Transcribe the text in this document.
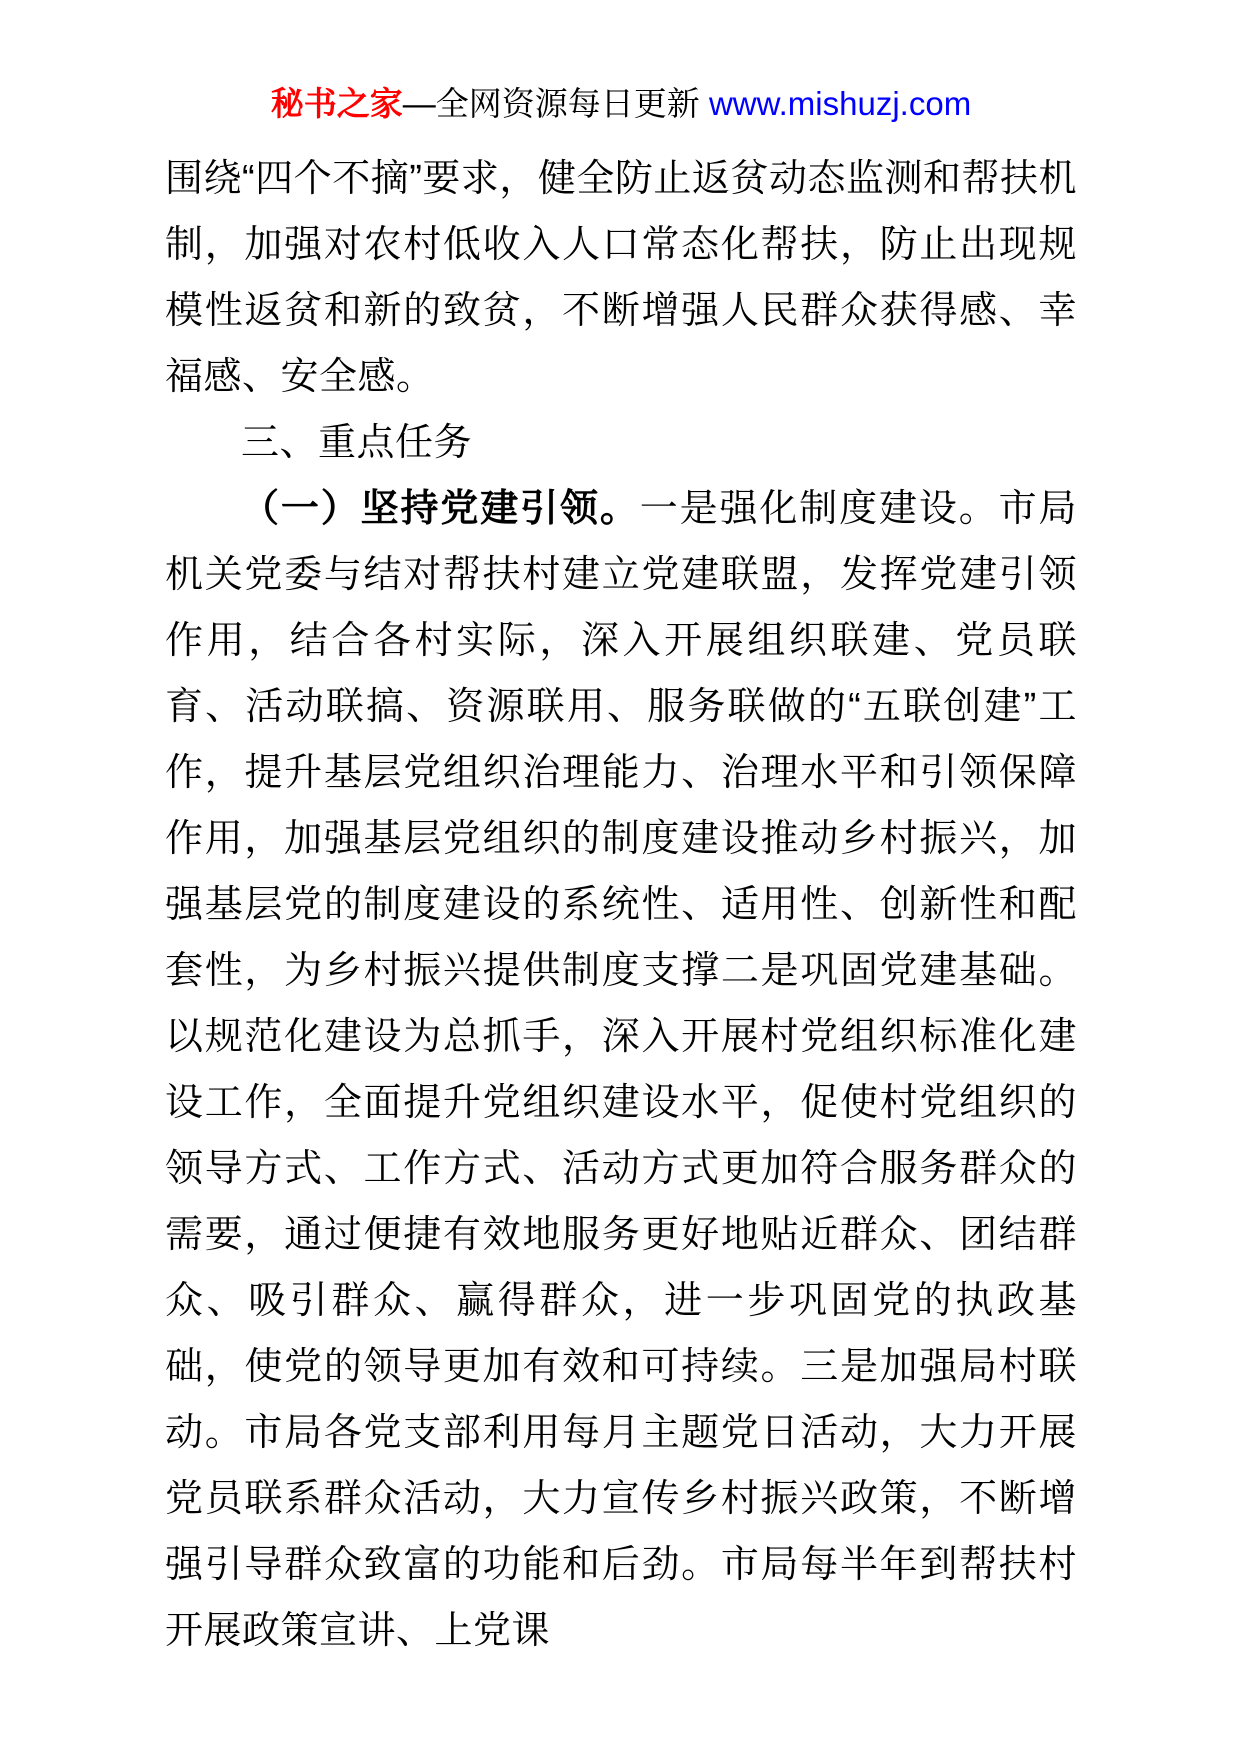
秘书之家—全网资源每日更新 www.mishuzj.com

围绕“四个不摘”要求，健全防止返贫动态监测和帮扶机制，加强对农村低收入人口常态化帮扶，防止出现规模性返贫和新的致贫，不断增强人民群众获得感、幸福感、安全感。

三、重点任务

（一）坚持党建引领。一是强化制度建设。市局机关党委与结对帮扶村建立党建联盟，发挥党建引领作用，结合各村实际，深入开展组织联建、党员联育、活动联搞、资源联用、服务联做的“五联创建”工作，提升基层党组织治理能力、治理水平和引领保障作用，加强基层党组织的制度建设推动乡村振兴，加强基层党的制度建设的系统性、适用性、创新性和配套性，为乡村振兴提供制度支撑二是巩固党建基础。以规范化建设为总抓手，深入开展村党组织标准化建设工作，全面提升党组织建设水平，促使村党组织的领导方式、工作方式、活动方式更加符合服务群众的需要，通过便捷有效地服务更好地贴近群众、团结群众、吸引群众、赢得群众，进一步巩固党的执政基础，使党的领导更加有效和可持续。三是加强局村联动。市局各党支部利用每月主题党日活动，大力开展党员联系群众活动，大力宣传乡村振兴政策，不断增强引导群众致富的功能和后劲。市局每半年到帮扶村开展政策宣讲、上党课
